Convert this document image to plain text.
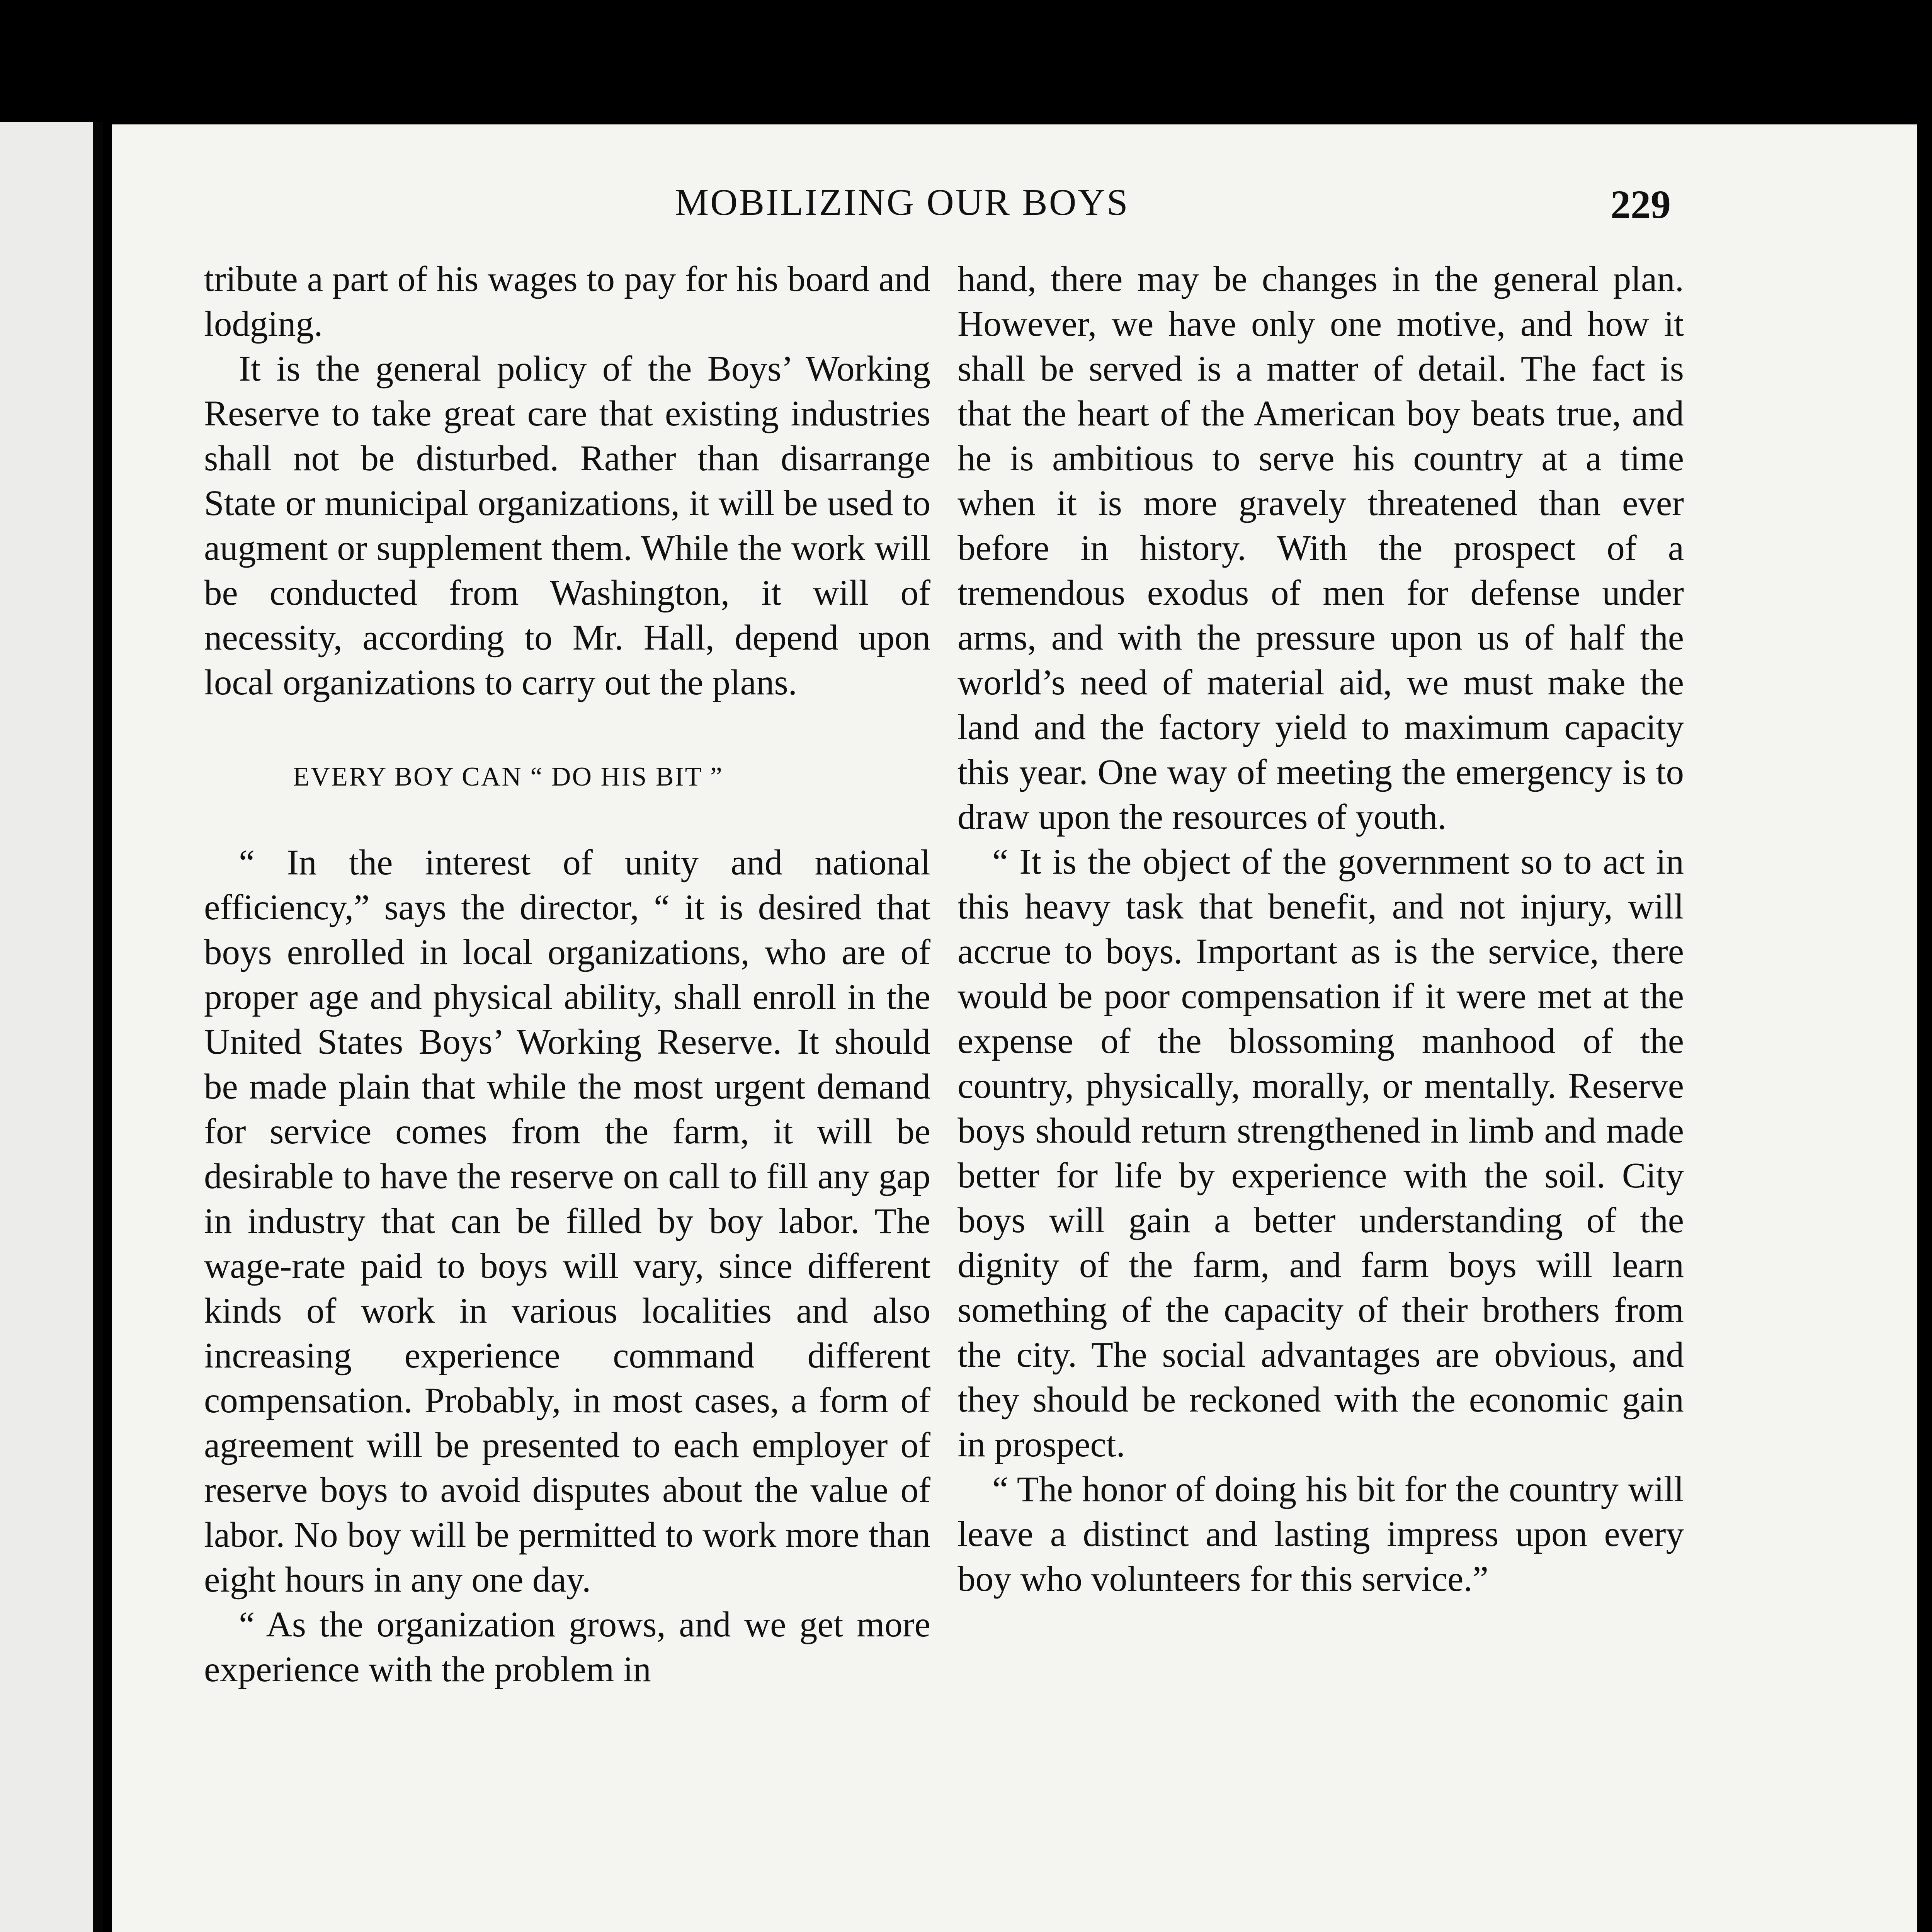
MOBILIZING OUR BOYS	229

tribute a part of his wages to pay for his board and lodging.

It is the general policy of the Boys’ Working Reserve to take great care that existing industries shall not be disturbed. Rather than disarrange State or municipal organizations, it will be used to augment or supplement them. While the work will be conducted from Washington, it will of necessity, according to Mr. Hall, depend upon local organizations to carry out the plans.

EVERY BOY CAN “ DO HIS BIT ”

“ In the interest of unity and national efficiency,” says the director, “ it is desired that boys enrolled in local organizations, who are of proper age and physical ability, shall enroll in the United States Boys’ Working Reserve. It should be made plain that while the most urgent demand for service comes from the farm, it will be desirable to have the reserve on call to fill any gap in industry that can be filled by boy labor. The wage-rate paid to boys will vary, since different kinds of work in various localities and also increasing experience command different compensation. Probably, in most cases, a form of agreement will be presented to each employer of reserve boys to avoid disputes about the value of labor. No boy will be permitted to work more than eight hours in any one day.

“ As the organization grows, and we get more experience with the problem in

hand, there may be changes in the general plan. However, we have only one motive, and how it shall be served is a matter of detail. The fact is that the heart of the American boy beats true, and he is ambitious to serve his country at a time when it is more gravely threatened than ever before in history. With the prospect of a tremendous exodus of men for defense under arms, and with the pressure upon us of half the world’s need of material aid, we must make the land and the factory yield to maximum capacity this year. One way of meeting the emergency is to draw upon the resources of youth.

“ It is the object of the government so to act in this heavy task that benefit, and not injury, will accrue to boys. Important as is the service, there would be poor compensation if it were met at the expense of the blossoming manhood of the country, physically, morally, or mentally. Reserve boys should return strengthened in limb and made better for life by experience with the soil. City boys will gain a better understanding of the dignity of the farm, and farm boys will learn something of the capacity of their brothers from the city. The social advantages are obvious, and they should be reckoned with the economic gain in prospect.

“ The honor of doing his bit for the country will leave a distinct and lasting impress upon every boy who volunteers for this service.”
